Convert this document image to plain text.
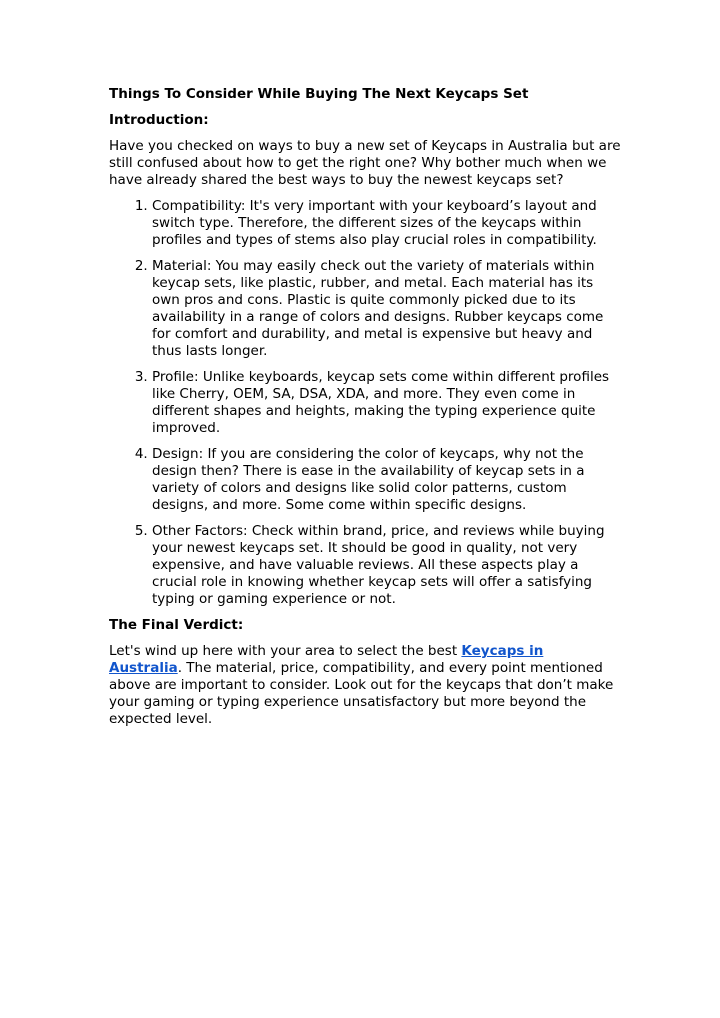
Things To Consider While Buying The Next Keycaps Set
Introduction:
Have you checked on ways to buy a new set of Keycaps in Australia but are still confused about how to get the right one? Why bother much when we have already shared the best ways to buy the newest keycaps set?
1. Compatibility: It's very important with your keyboard’s layout and switch type. Therefore, the different sizes of the keycaps within profiles and types of stems also play crucial roles in compatibility.
2. Material: You may easily check out the variety of materials within keycap sets, like plastic, rubber, and metal. Each material has its own pros and cons. Plastic is quite commonly picked due to its availability in a range of colors and designs. Rubber keycaps come for comfort and durability, and metal is expensive but heavy and thus lasts longer.
3. Profile: Unlike keyboards, keycap sets come within different profiles like Cherry, OEM, SA, DSA, XDA, and more. They even come in different shapes and heights, making the typing experience quite improved.
4. Design: If you are considering the color of keycaps, why not the design then? There is ease in the availability of keycap sets in a variety of colors and designs like solid color patterns, custom designs, and more. Some come within specific designs.
5. Other Factors: Check within brand, price, and reviews while buying your newest keycaps set. It should be good in quality, not very expensive, and have valuable reviews. All these aspects play a crucial role in knowing whether keycap sets will offer a satisfying typing or gaming experience or not.
The Final Verdict:
Let's wind up here with your area to select the best Keycaps in Australia. The material, price, compatibility, and every point mentioned above are important to consider. Look out for the keycaps that don’t make your gaming or typing experience unsatisfactory but more beyond the expected level.
